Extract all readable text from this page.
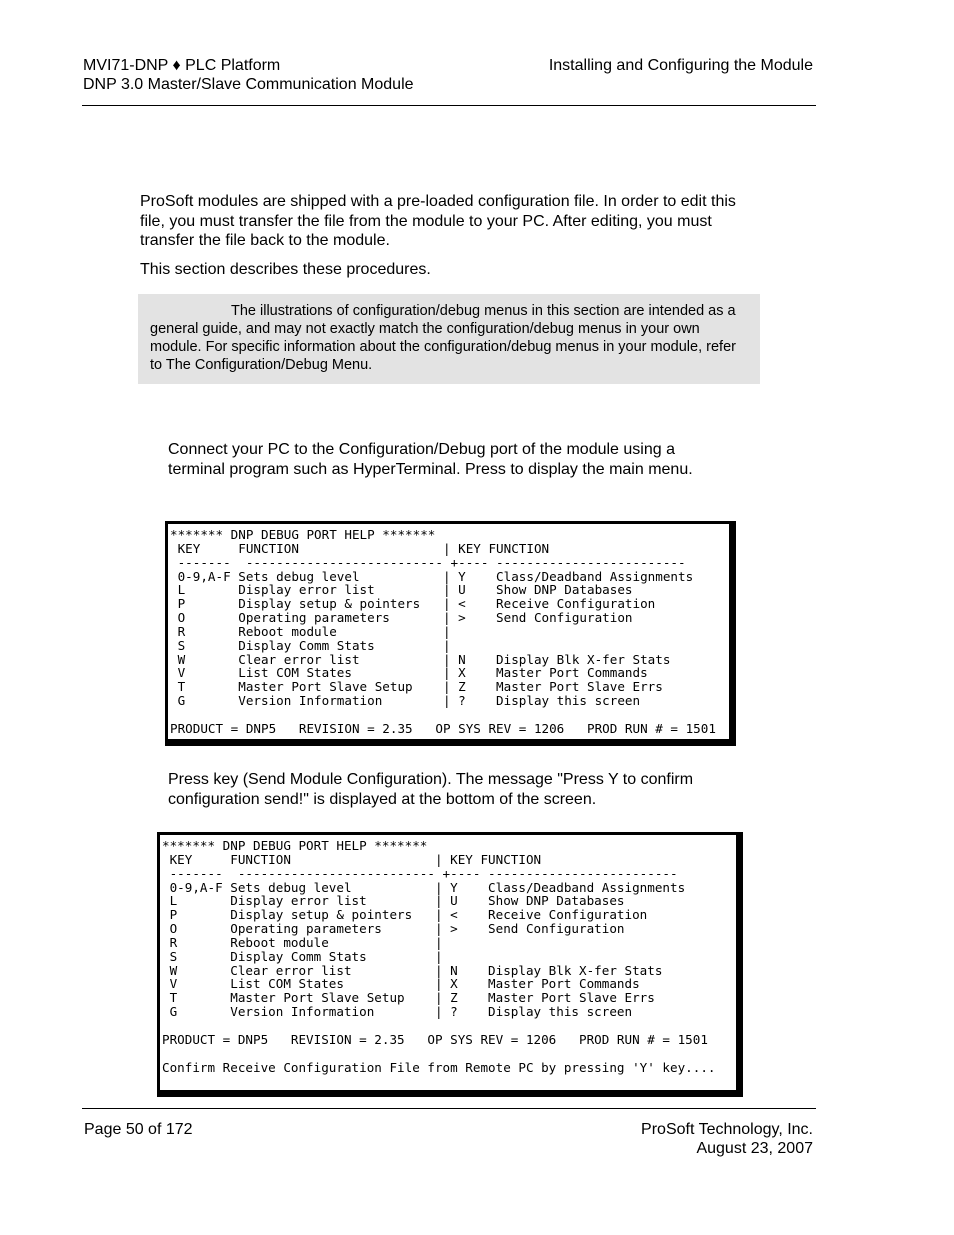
MVI71-DNP ♦ PLC Platform
DNP 3.0 Master/Slave Communication Module
Installing and Configuring the Module

ProSoft modules are shipped with a pre-loaded configuration file. In order to edit this file, you must transfer the file from the module to your PC. After editing, you must transfer the file back to the module.

This section describes these procedures.

The illustrations of configuration/debug menus in this section are intended as a general guide, and may not exactly match the configuration/debug menus in your own module. For specific information about the configuration/debug menus in your module, refer to The Configuration/Debug Menu.

Connect your PC to the Configuration/Debug port of the module using a terminal program such as HyperTerminal. Press to display the main menu.

******* DNP DEBUG PORT HELP *******
KEY     FUNCTION                   | KEY FUNCTION
-------  -------------------------- +---- -------------------------
0-9,A-F Sets debug level           | Y    Class/Deadband Assignments
L       Display error list         | U    Show DNP Databases
P       Display setup & pointers   | <    Receive Configuration
O       Operating parameters       | >    Send Configuration
R       Reboot module              |
S       Display Comm Stats         |
W       Clear error list           | N    Display Blk X-fer Stats
V       List COM States            | X    Master Port Commands
T       Master Port Slave Setup    | Z    Master Port Slave Errs
G       Version Information        | ?    Display this screen

PRODUCT = DNP5   REVISION = 2.35   OP SYS REV = 1206   PROD RUN # = 1501

Press key (Send Module Configuration). The message "Press Y to confirm configuration send!" is displayed at the bottom of the screen.

******* DNP DEBUG PORT HELP *******
KEY     FUNCTION                   | KEY FUNCTION
-------  -------------------------- +---- -------------------------
0-9,A-F Sets debug level           | Y    Class/Deadband Assignments
L       Display error list         | U    Show DNP Databases
P       Display setup & pointers   | <    Receive Configuration
O       Operating parameters       | >    Send Configuration
R       Reboot module              |
S       Display Comm Stats         |
W       Clear error list           | N    Display Blk X-fer Stats
V       List COM States            | X    Master Port Commands
T       Master Port Slave Setup    | Z    Master Port Slave Errs
G       Version Information        | ?    Display this screen

PRODUCT = DNP5   REVISION = 2.35   OP SYS REV = 1206   PROD RUN # = 1501

Confirm Receive Configuration File from Remote PC by pressing 'Y' key....
Page 50 of 172	ProSoft Technology, Inc.
August 23, 2007
